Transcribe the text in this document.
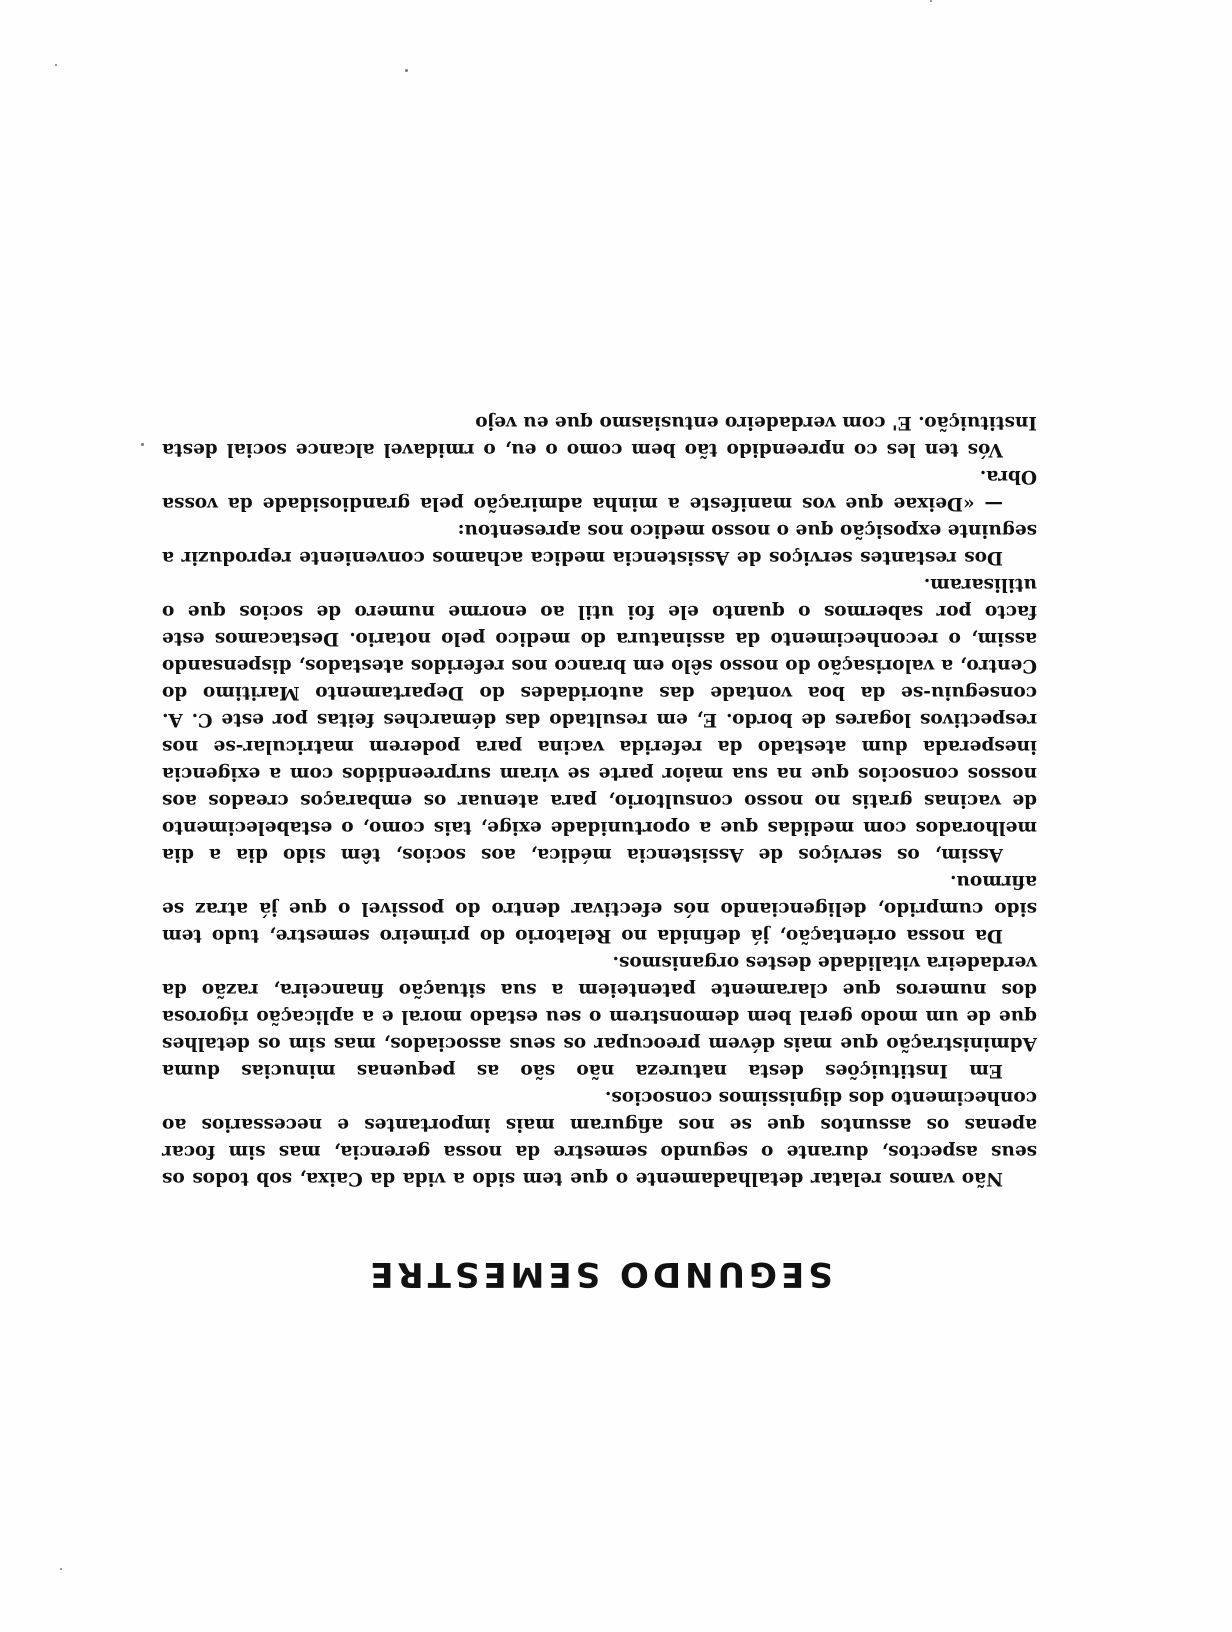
SEGUNDO SEMESTRE

Não vamos relatar detalhadamente o que tem sido a vida da Caixa, sob todos os seus aspectos, durante o segundo semestre da nossa gerencia, mas sim focar apenas os assuntos que se nos afiguram mais importantes e necessarios ao conhecimento dos dignissimos consocios.

Em Instituições desta natureza não são as pequenas minucias duma Administração que mais dévem preocupar os seus associados, mas sim os detalhes que de um modo geral bem demonstrem o seu estado moral e a aplicação rigorosa dos numeros que claramente patenteiem a sua situação financeira, razão da verdadeira vitalidade destes organismos.

Da nossa orientação, já definida no Relatorio do primeiro semestre, tudo tem sido cumprido, deligenciando nós efectivar dentro do possivel o que já atraz se afirmou.

Assim, os serviços de Assistencia médica, aos socios, têm sido dia a dia melhorados com medidas que a oportunidade exige, tais como, o estabelecimento de vacinas gratis no nosso consultorio, para atenuar os embaraços creados aos nossos consocios que na sua maior parte se viram surpreendidos com a exigencia inesperada dum atestado da referida vacina para poderem matricular-se nos respectivos logares de bordo. E, em resultado das démarches feitas por este C. A. conseguiu-se da boa vontade das autoridades do Departamento Maritimo do Centro, a valorisação do nosso sêlo em branco nos referidos atestados, dispensando assim, o reconhecimento da assinatura do medico pelo notario. Destacamos este facto por sabermos o quanto ele foi util ao enorme numero de socios que o utilisaram.

Dos restantes serviços de Assistencia medica achamos conveniente reproduzir a seguinte exposição que o nosso medico nos apresentou:

— «Deixae que vos manifeste a minha admiração pela grandiosidade da vossa Obra.

Vós ten les co npreendido tão bem como o eu, o rmidavel alcance social desta Instituição. E' com verdadeiro entusiasmo que eu vejo
